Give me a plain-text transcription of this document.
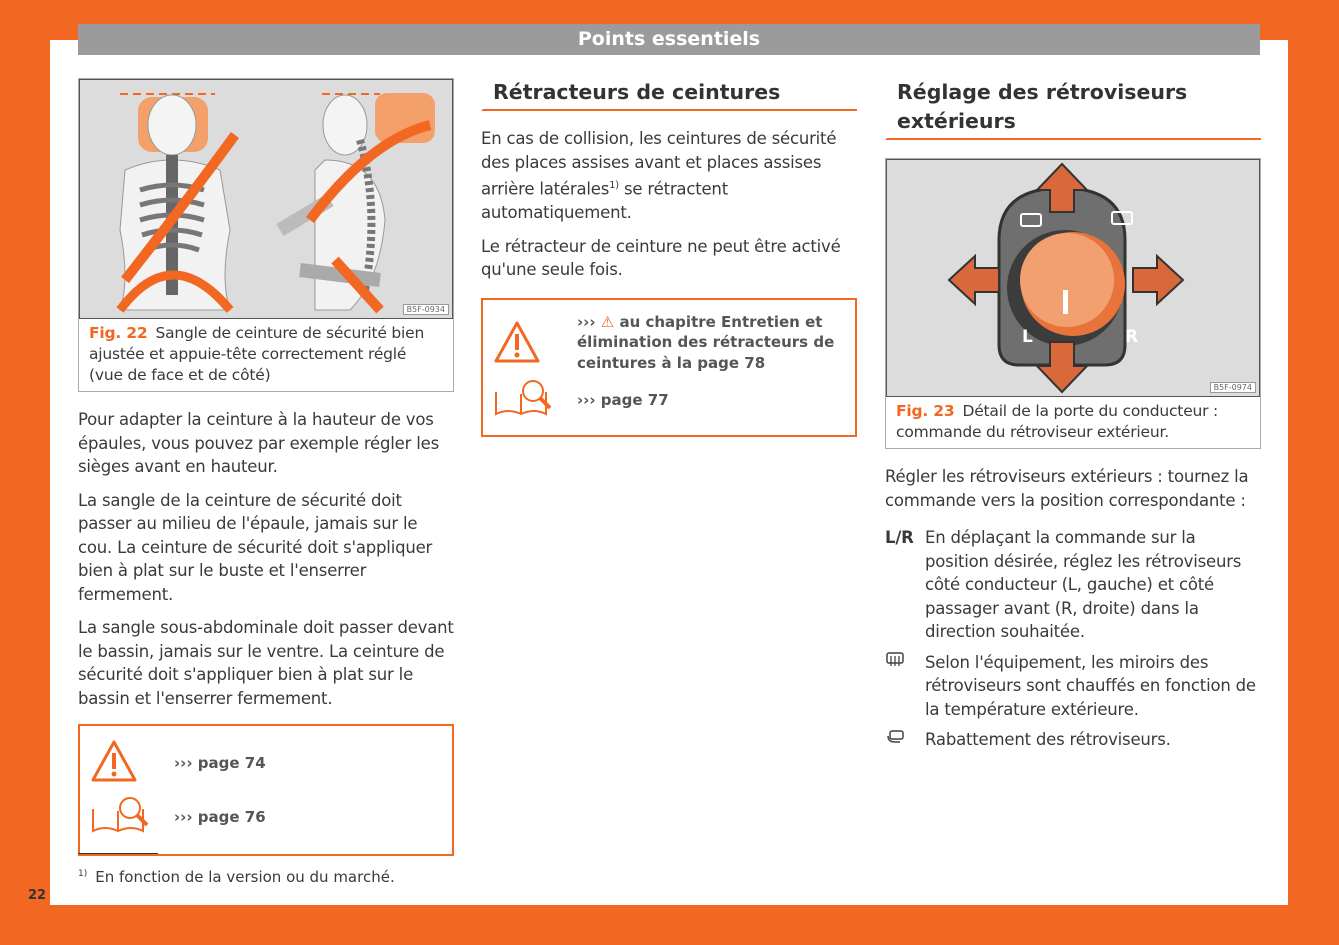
Points essentiels
B5F-0934
Fig. 22 Sangle de ceinture de sécurité bien ajustée et appuie-tête correctement réglé (vue de face et de côté)

Pour adapter la ceinture à la hauteur de vos épaules, vous pouvez par exemple régler les sièges avant en hauteur.

La sangle de la ceinture de sécurité doit passer au milieu de l'épaule, jamais sur le cou. La ceinture de sécurité doit s'appliquer bien à plat sur le buste et l'enserrer fermement.

La sangle sous-abdominale doit passer devant le bassin, jamais sur le ventre. La ceinture de sécurité doit s'appliquer bien à plat sur le bassin et l'enserrer fermement.

››› page 74
››› page 76
Rétracteurs de ceintures

En cas de collision, les ceintures de sécurité des places assises avant et places assises arrière latérales$^{1)}$ se rétractent automatiquement.

Le rétracteur de ceinture ne peut être activé qu'une seule fois.

››› ⚠ au chapitre Entretien et élimination des rétracteurs de ceintures à la page 78
››› page 77
Réglage des rétroviseurs extérieurs
L	R
B5F-0974
Fig. 23 Détail de la porte du conducteur : commande du rétroviseur extérieur.

Régler les rétroviseurs extérieurs : tournez la commande vers la position correspondante :

L/R En déplaçant la commande sur la position désirée, réglez les rétroviseurs côté conducteur (L, gauche) et côté passager avant (R, droite) dans la direction souhaitée.
Selon l'équipement, les miroirs des rétroviseurs sont chauffés en fonction de la température extérieure.
Rabattement des rétroviseurs.
$^{1)}$ En fonction de la version ou du marché.
22
